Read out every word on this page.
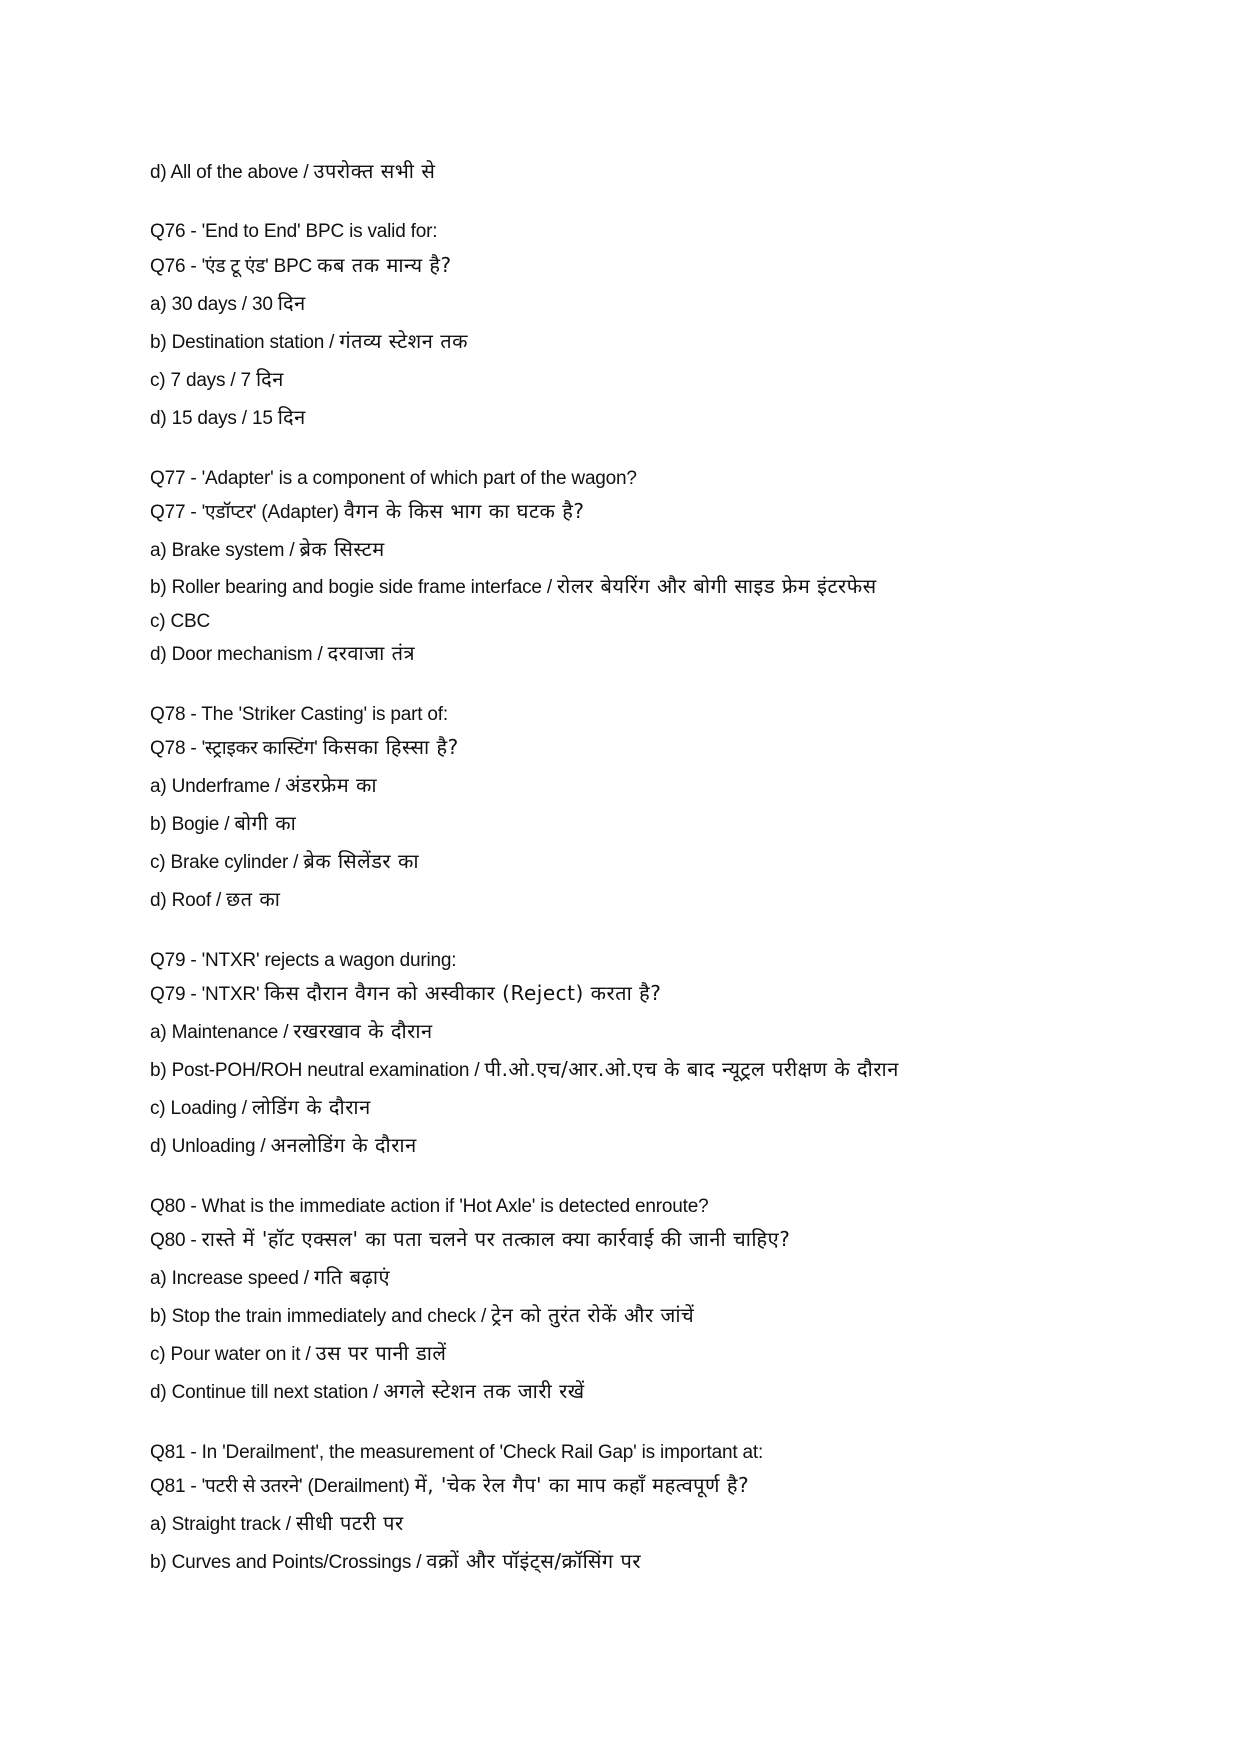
d) All of the above / उपरोक्त सभी से
Q76 - 'End to End' BPC is valid for:
Q76 - 'एंड टू एंड' BPC कब तक मान्य है?
a) 30 days / 30 दिन
b) Destination station / गंतव्य स्टेशन तक
c) 7 days / 7 दिन
d) 15 days / 15 दिन
Q77 - 'Adapter' is a component of which part of the wagon?
Q77 - 'एडॉप्टर' (Adapter) वैगन के किस भाग का घटक है?
a) Brake system / ब्रेक सिस्टम
b) Roller bearing and bogie side frame interface / रोलर बेयरिंग और बोगी साइड फ्रेम इंटरफेस
c) CBC
d) Door mechanism / दरवाजा तंत्र
Q78 - The 'Striker Casting' is part of:
Q78 - 'स्ट्राइकर कास्टिंग' किसका हिस्सा है?
a) Underframe / अंडरफ्रेम का
b) Bogie / बोगी का
c) Brake cylinder / ब्रेक सिलेंडर का
d) Roof / छत का
Q79 - 'NTXR' rejects a wagon during:
Q79 - 'NTXR' किस दौरान वैगन को अस्वीकार (Reject) करता है?
a) Maintenance / रखरखाव के दौरान
b) Post-POH/ROH neutral examination / पी.ओ.एच/आर.ओ.एच के बाद न्यूट्रल परीक्षण के दौरान
c) Loading / लोडिंग के दौरान
d) Unloading / अनलोडिंग के दौरान
Q80 - What is the immediate action if 'Hot Axle' is detected enroute?
Q80 - रास्ते में 'हॉट एक्सल' का पता चलने पर तत्काल क्या कार्रवाई की जानी चाहिए?
a) Increase speed / गति बढ़ाएं
b) Stop the train immediately and check / ट्रेन को तुरंत रोकें और जांचें
c) Pour water on it / उस पर पानी डालें
d) Continue till next station / अगले स्टेशन तक जारी रखें
Q81 - In 'Derailment', the measurement of 'Check Rail Gap' is important at:
Q81 - 'पटरी से उतरने' (Derailment) में, 'चेक रेल गैप' का माप कहाँ महत्वपूर्ण है?
a) Straight track / सीधी पटरी पर
b) Curves and Points/Crossings / वक्रों और पॉइंट्स/क्रॉसिंग पर
